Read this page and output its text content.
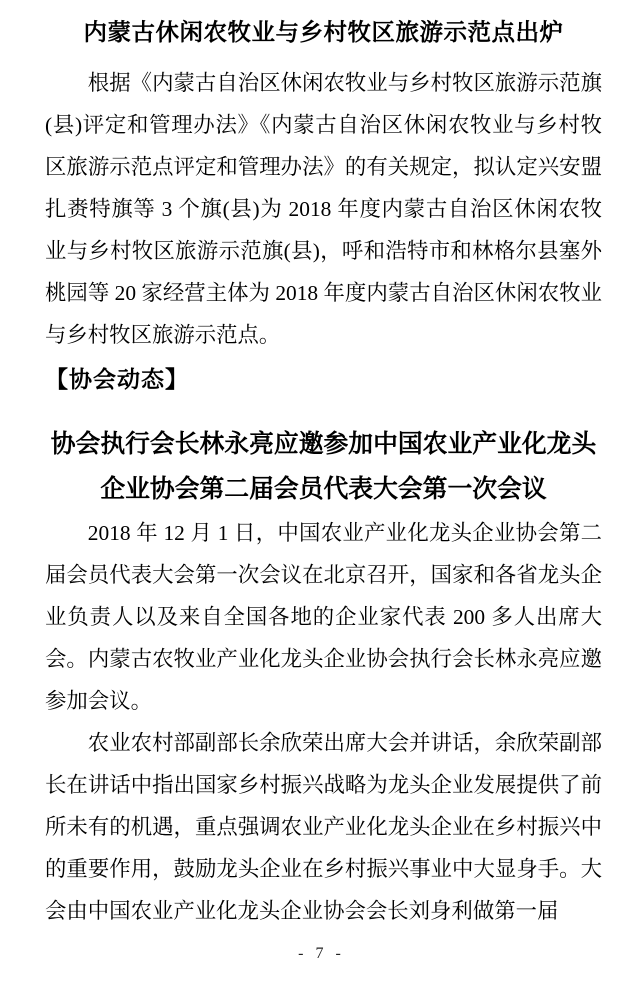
内蒙古休闲农牧业与乡村牧区旅游示范点出炉

根据《内蒙古自治区休闲农牧业与乡村牧区旅游示范旗(县)评定和管理办法》《内蒙古自治区休闲农牧业与乡村牧区旅游示范点评定和管理办法》的有关规定，拟认定兴安盟扎赉特旗等 3 个旗(县)为 2018 年度内蒙古自治区休闲农牧业与乡村牧区旅游示范旗(县)，呼和浩特市和林格尔县塞外桃园等 20 家经营主体为 2018 年度内蒙古自治区休闲农牧业与乡村牧区旅游示范点。

【协会动态】
协会执行会长林永亮应邀参加中国农业产业化龙头企业协会第二届会员代表大会第一次会议

2018 年 12 月 1 日，中国农业产业化龙头企业协会第二届会员代表大会第一次会议在北京召开，国家和各省龙头企业负责人以及来自全国各地的企业家代表 200 多人出席大会。内蒙古农牧业产业化龙头企业协会执行会长林永亮应邀参加会议。

农业农村部副部长余欣荣出席大会并讲话，余欣荣副部长在讲话中指出国家乡村振兴战略为龙头企业发展提供了前所未有的机遇，重点强调农业产业化龙头企业在乡村振兴中的重要作用，鼓励龙头企业在乡村振兴事业中大显身手。大会由中国农业产业化龙头企业协会会长刘身利做第一届

- 7 -
